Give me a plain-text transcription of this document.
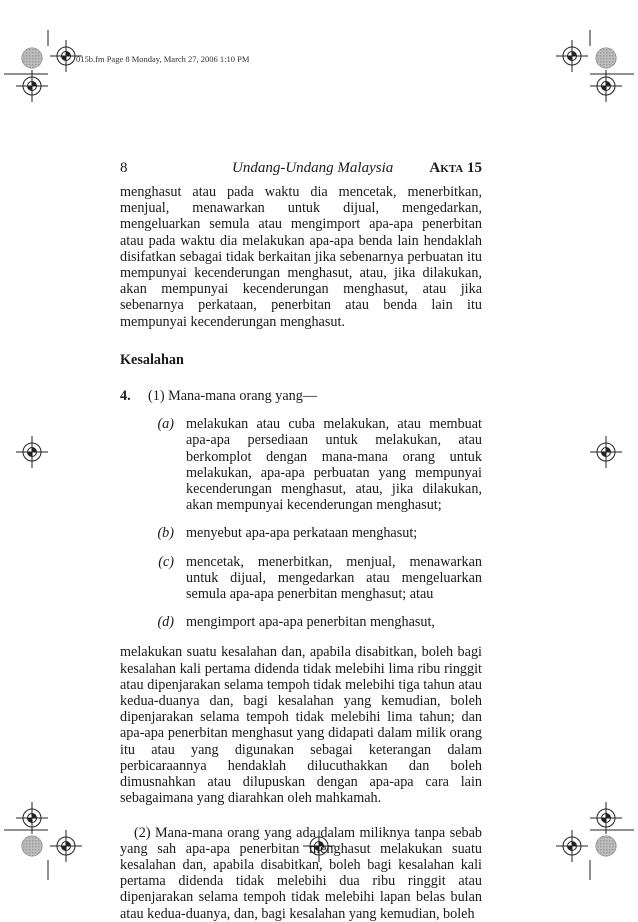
015b.fm Page 8 Monday, March 27, 2006 1:10 PM
8	Undang-Undang Malaysia AKTA 15

menghasut atau pada waktu dia mencetak, menerbitkan, menjual, menawarkan untuk dijual, mengedarkan, mengeluarkan semula atau mengimport apa-apa penerbitan atau pada waktu dia melakukan apa-apa benda lain hendaklah disifatkan sebagai tidak berkaitan jika sebenarnya perbuatan itu mempunyai kecenderungan menghasut, atau, jika dilakukan, akan mempunyai kecenderungan menghasut, atau jika sebenarnya perkataan, penerbitan atau benda lain itu mempunyai kecenderungan menghasut.

Kesalahan

4. (1) Mana-mana orang yang—

(a) melakukan atau cuba melakukan, atau membuat apa-apa persediaan untuk melakukan, atau berkomplot dengan mana-mana orang untuk melakukan, apa-apa perbuatan yang mempunyai kecenderungan menghasut, atau, jika dilakukan, akan mempunyai kecenderungan menghasut;
(b) menyebut apa-apa perkataan menghasut;
(c) mencetak, menerbitkan, menjual, menawarkan untuk dijual, mengedarkan atau mengeluarkan semula apa-apa penerbitan menghasut; atau
(d) mengimport apa-apa penerbitan menghasut,

melakukan suatu kesalahan dan, apabila disabitkan, boleh bagi kesalahan kali pertama didenda tidak melebihi lima ribu ringgit atau dipenjarakan selama tempoh tidak melebihi tiga tahun atau kedua-duanya dan, bagi kesalahan yang kemudian, boleh dipenjarakan selama tempoh tidak melebihi lima tahun; dan apa-apa penerbitan menghasut yang didapati dalam milik orang itu atau yang digunakan sebagai keterangan dalam perbicaraannya hendaklah dilucuthakkan dan boleh dimusnahkan atau dilupuskan dengan apa-apa cara lain sebagaimana yang diarahkan oleh mahkamah.

(2) Mana-mana orang yang ada dalam miliknya tanpa sebab yang sah apa-apa penerbitan menghasut melakukan suatu kesalahan dan, apabila disabitkan, boleh bagi kesalahan kali pertama didenda tidak melebihi dua ribu ringgit atau dipenjarakan selama tempoh tidak melebihi lapan belas bulan atau kedua-duanya, dan, bagi kesalahan yang kemudian, boleh
